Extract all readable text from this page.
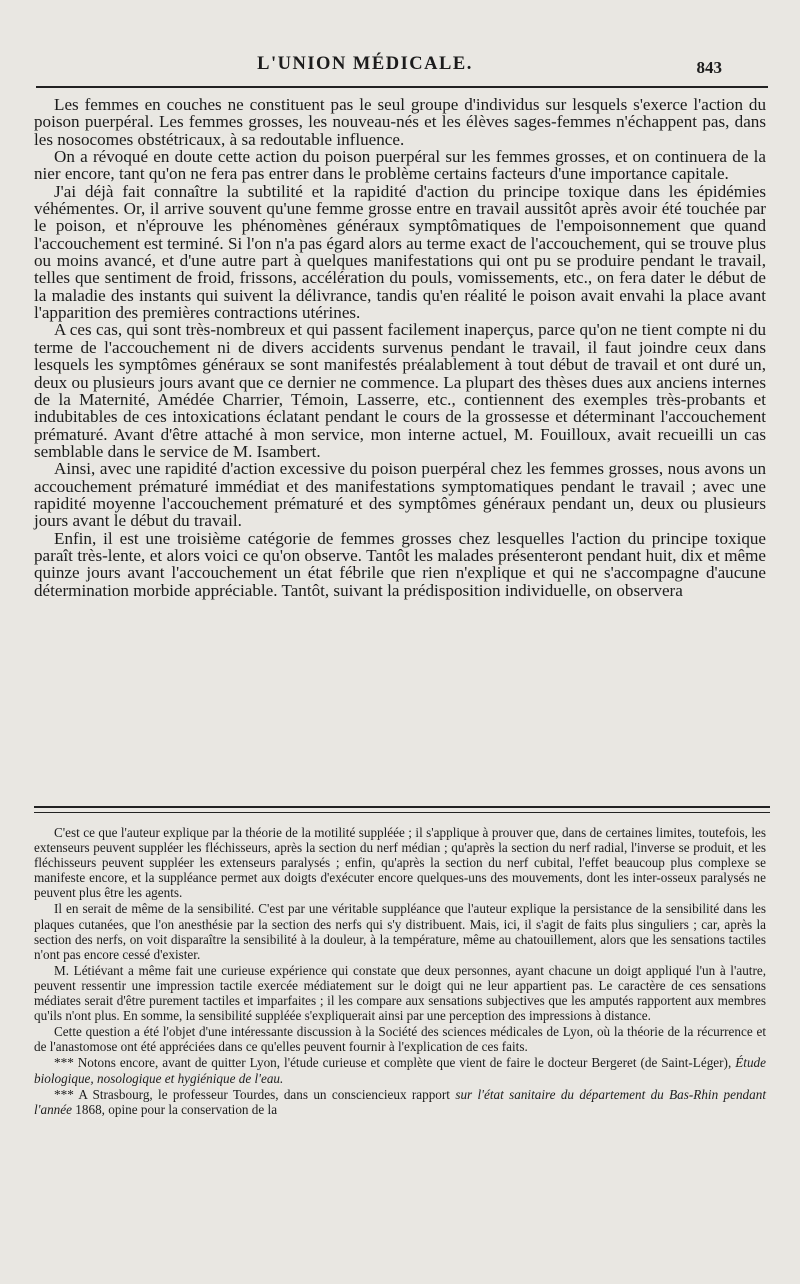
L'UNION MÉDICALE.	843

Les femmes en couches ne constituent pas le seul groupe d'individus sur lesquels s'exerce l'action du poison puerpéral. Les femmes grosses, les nouveau-nés et les élèves sages-femmes n'échappent pas, dans les nosocomes obstétricaux, à sa redoutable influence.

On a révoqué en doute cette action du poison puerpéral sur les femmes grosses, et on continuera de la nier encore, tant qu'on ne fera pas entrer dans le problème certains facteurs d'une importance capitale.

J'ai déjà fait connaître la subtilité et la rapidité d'action du principe toxique dans les épidémies véhémentes. Or, il arrive souvent qu'une femme grosse entre en travail aussitôt après avoir été touchée par le poison, et n'éprouve les phénomènes généraux symptômatiques de l'empoisonnement que quand l'accouchement est terminé. Si l'on n'a pas égard alors au terme exact de l'accouchement, qui se trouve plus ou moins avancé, et d'une autre part à quelques manifestations qui ont pu se produire pendant le travail, telles que sentiment de froid, frissons, accélération du pouls, vomissements, etc., on fera dater le début de la maladie des instants qui suivent la délivrance, tandis qu'en réalité le poison avait envahi la place avant l'apparition des premières contractions utérines.

A ces cas, qui sont très-nombreux et qui passent facilement inaperçus, parce qu'on ne tient compte ni du terme de l'accouchement ni de divers accidents survenus pendant le travail, il faut joindre ceux dans lesquels les symptômes généraux se sont manifestés préalablement à tout début de travail et ont duré un, deux ou plusieurs jours avant que ce dernier ne commence. La plupart des thèses dues aux anciens internes de la Maternité, Amédée Charrier, Témoin, Lasserre, etc., contiennent des exemples très-probants et indubitables de ces intoxications éclatant pendant le cours de la grossesse et déterminant l'accouchement prématuré. Avant d'être attaché à mon service, mon interne actuel, M. Fouilloux, avait recueilli un cas semblable dans le service de M. Isambert.

Ainsi, avec une rapidité d'action excessive du poison puerpéral chez les femmes grosses, nous avons un accouchement prématuré immédiat et des manifestations symptomatiques pendant le travail ; avec une rapidité moyenne l'accouchement prématuré et des symptômes généraux pendant un, deux ou plusieurs jours avant le début du travail.

Enfin, il est une troisième catégorie de femmes grosses chez lesquelles l'action du principe toxique paraît très-lente, et alors voici ce qu'on observe. Tantôt les malades présenteront pendant huit, dix et même quinze jours avant l'accouchement un état fébrile que rien n'explique et qui ne s'accompagne d'aucune détermination morbide appréciable. Tantôt, suivant la prédisposition individuelle, on observera

C'est ce que l'auteur explique par la théorie de la motilité suppléée ; il s'applique à prouver que, dans de certaines limites, toutefois, les extenseurs peuvent suppléer les fléchisseurs, après la section du nerf médian ; qu'après la section du nerf radial, l'inverse se produit, et les fléchisseurs peuvent suppléer les extenseurs paralysés ; enfin, qu'après la section du nerf cubital, l'effet beaucoup plus complexe se manifeste encore, et la suppléance permet aux doigts d'exécuter encore quelques-uns des mouvements, dont les inter-osseux paralysés ne peuvent plus être les agents.

Il en serait de même de la sensibilité. C'est par une véritable suppléance que l'auteur explique la persistance de la sensibilité dans les plaques cutanées, que l'on anesthésie par la section des nerfs qui s'y distribuent. Mais, ici, il s'agit de faits plus singuliers ; car, après la section des nerfs, on voit disparaître la sensibilité à la douleur, à la température, même au chatouillement, alors que les sensations tactiles n'ont pas encore cessé d'exister.

M. Létiévant a même fait une curieuse expérience qui constate que deux personnes, ayant chacune un doigt appliqué l'un à l'autre, peuvent ressentir une impression tactile exercée médiatement sur le doigt qui ne leur appartient pas. Le caractère de ces sensations médiates serait d'être purement tactiles et imparfaites ; il les compare aux sensations subjectives que les amputés rapportent aux membres qu'ils n'ont plus. En somme, la sensibilité suppléée s'expliquerait ainsi par une perception des impressions à distance.

Cette question a été l'objet d'une intéressante discussion à la Société des sciences médicales de Lyon, où la théorie de la récurrence et de l'anastomose ont été appréciées dans ce qu'elles peuvent fournir à l'explication de ces faits.

*** Notons encore, avant de quitter Lyon, l'étude curieuse et complète que vient de faire le docteur Bergeret (de Saint-Léger), Étude biologique, nosologique et hygiénique de l'eau.

*** A Strasbourg, le professeur Tourdes, dans un consciencieux rapport sur l'état sanitaire du département du Bas-Rhin pendant l'année 1868, opine pour la conservation de la
